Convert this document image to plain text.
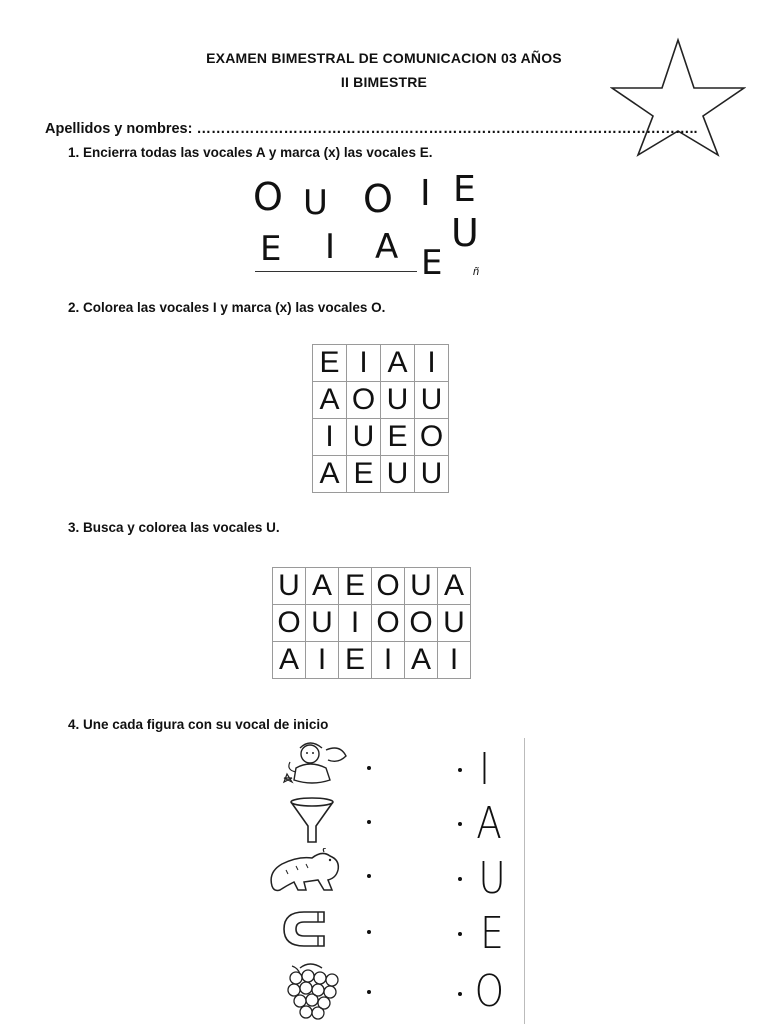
EXAMEN BIMESTRAL DE COMUNICACION 03 AÑOS
II BIMESTRE
Apellidos y nombres: …………………………………………………………………………………………..
1. Encierra todas las vocales A y marca (x) las vocales E.
O U O I E
E I A E
U
ñ
2. Colorea las vocales I y marca (x) las vocales O.
E	I	A	I
A	O	U	U
I	U	E	O
A	E	U	U
3. Busca y colorea las vocales U.
U	A	E	O	U	A
O	U	I	O	O	U
A	I	E	I	A	I
4. Une cada figura con su vocal de inicio
I
A
U
E
O
